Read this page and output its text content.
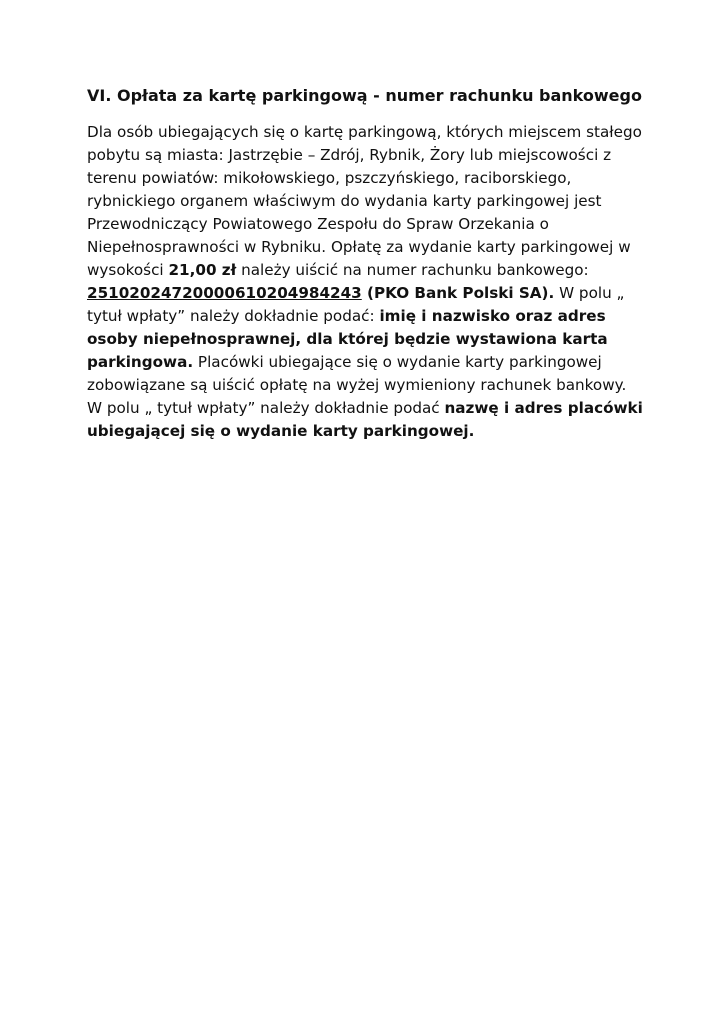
VI. Opłata za kartę parkingową - numer rachunku bankowego

Dla osób ubiegających się o kartę parkingową, których miejscem stałego
pobytu są miasta: Jastrzębie – Zdrój, Rybnik, Żory lub miejscowości z
terenu powiatów: mikołowskiego, pszczyńskiego, raciborskiego,
rybnickiego organem właściwym do wydania karty parkingowej jest
Przewodniczący Powiatowego Zespołu do Spraw Orzekania o
Niepełnosprawności w Rybniku. Opłatę za wydanie karty parkingowej w
wysokości 21,00 zł należy uiścić na numer rachunku bankowego:
25102024720000610204984243 (PKO Bank Polski SA). W polu „
tytuł wpłaty” należy dokładnie podać: imię i nazwisko oraz adres
osoby niepełnosprawnej, dla której będzie wystawiona karta
parkingowa. Placówki ubiegające się o wydanie karty parkingowej
zobowiązane są uiścić opłatę na wyżej wymieniony rachunek bankowy.
W polu „ tytuł wpłaty” należy dokładnie podać nazwę i adres placówki
ubiegającej się o wydanie karty parkingowej.
